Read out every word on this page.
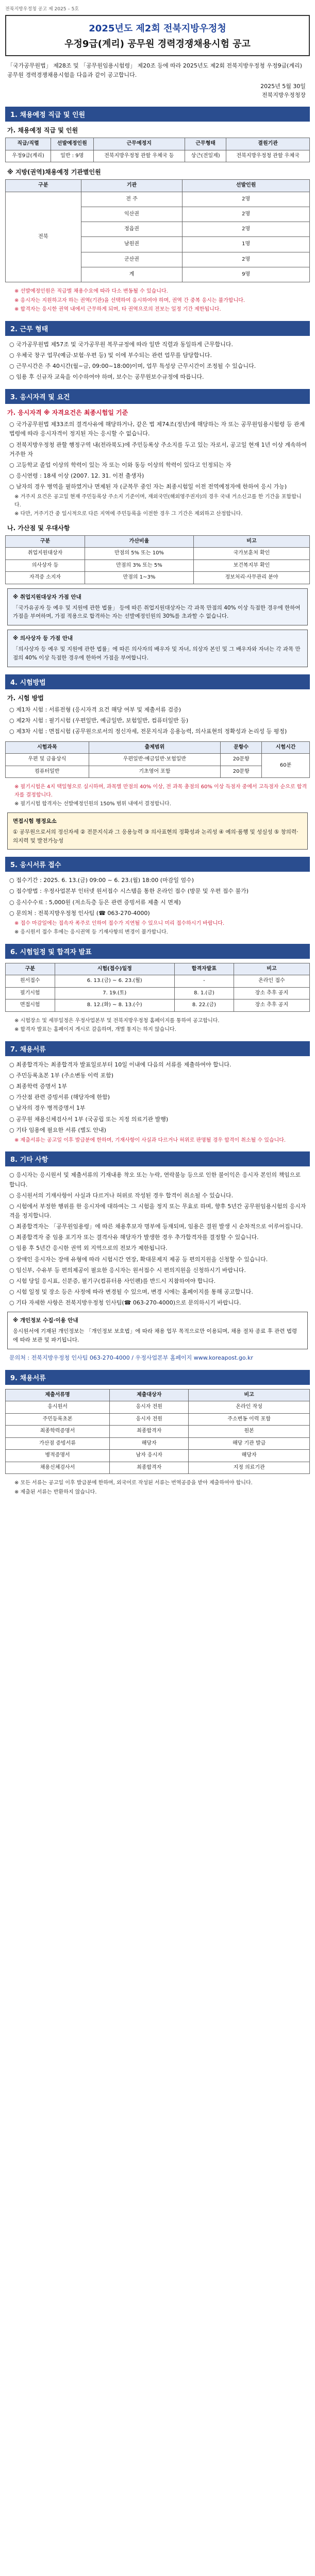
전북지방우정청 공고 제 2025 – 5호
2025년도 제2회 전북지방우정청
우정9급(계리) 공무원 경력경쟁채용시험 공고
「국가공무원법」 제28조 및 「공무원임용시험령」 제20조 등에 따라 2025년도 제2회 전북지방우정청 우정9급(계리) 공무원 경력경쟁채용시험을 다음과 같이 공고합니다.
2025년 5월 30일
전북지방우정청장
1. 채용예정 직급 및 인원
가. 채용예정 직급 및 인원
직급/직렬	선발예정인원	근무예정지	근무형태	결원기관
우정9급(계리)	일반 : 9명	전북지방우정청 관할 우체국 등	상근(전일제)	전북지방우정청 관할 우체국
※ 지방(권역)채용예정 기관별인원
구분	기관	선발인원
전북	전 주	2명
	익산권	2명
	정읍권	2명
	남원권	1명
	군산권	2명
	계	9명
※ 선발예정인원은 직급별 채용수요에 따라 다소 변동될 수 있습니다.
※ 응시자는 지원하고자 하는 권역(기관)을 선택하여 응시하여야 하며, 권역 간 중복 응시는 불가합니다.
※ 합격자는 응시한 권역 내에서 근무하게 되며, 타 권역으로의 전보는 일정 기간 제한됩니다.
2. 근무 형태
○ 국가공무원법 제57조 및 국가공무원 복무규정에 따라 일반 직렬과 동일하게 근무합니다.
○ 우체국 창구 업무(예금·보험·우편 등) 및 이에 부수되는 관련 업무를 담당합니다.
○ 근무시간은 주 40시간(월~금, 09:00~18:00)이며, 업무 특성상 근무시간이 조정될 수 있습니다.
○ 임용 후 신규자 교육을 이수하여야 하며, 보수는 공무원보수규정에 따릅니다.
3. 응시자격 및 요건
가. 응시자격 ※ 자격요건은 최종시험일 기준
○ 국가공무원법 제33조의 결격사유에 해당하거나, 같은 법 제74조(정년)에 해당하는 자 또는 공무원임용시험령 등 관계법령에 따라 응시자격이 정지된 자는 응시할 수 없습니다.
○ 전북지방우정청 관할 행정구역 내(전라북도)에 주민등록상 주소지를 두고 있는 자로서, 공고일 현재 1년 이상 계속하여 거주한 자
○ 고등학교 졸업 이상의 학력이 있는 자 또는 이와 동등 이상의 학력이 있다고 인정되는 자
○ 응시연령 : 18세 이상 (2007. 12. 31. 이전 출생자)
○ 남자의 경우 병역을 필하였거나 면제된 자 (군복무 중인 자는 최종시험일 이전 전역예정자에 한하여 응시 가능)
※ 거주지 요건은 공고일 현재 주민등록상 주소지 기준이며, 재외국민(해외영주권자)의 경우 국내 거소신고를 한 기간을 포함합니다.
※ 다만, 거주기간 중 일시적으로 다른 지역에 주민등록을 이전한 경우 그 기간은 제외하고 산정합니다.
나. 가산점 및 우대사항
구분	가산비율	비고
취업지원대상자	만점의 5% 또는 10%	국가보훈처 확인
의사상자 등	만점의 3% 또는 5%	보건복지부 확인
자격증 소지자	만점의 1~3%	정보처리·사무관리 분야
※ 취업지원대상자 가점 안내
「국가유공자 등 예우 및 지원에 관한 법률」 등에 따른 취업지원대상자는 각 과목 만점의 40% 이상 득점한 경우에 한하여 가점을 부여하며, 가점 적용으로 합격하는 자는 선발예정인원의 30%를 초과할 수 없습니다.
※ 의사상자 등 가점 안내
「의사상자 등 예우 및 지원에 관한 법률」에 따른 의사자의 배우자 및 자녀, 의상자 본인 및 그 배우자와 자녀는 각 과목 만점의 40% 이상 득점한 경우에 한하여 가점을 부여합니다.
4. 시험방법
가. 시험 방법
○ 제1차 시험 : 서류전형 (응시자격 요건 해당 여부 및 제출서류 검증)
○ 제2차 시험 : 필기시험 (우편일반, 예금일반, 보험일반, 컴퓨터일반 등)
○ 제3차 시험 : 면접시험 (공무원으로서의 정신자세, 전문지식과 응용능력, 의사표현의 정확성과 논리성 등 평정)
시험과목	출제범위	문항수	시험시간
우편 및 금융상식	우편일반·예금일반·보험일반	20문항	60분
컴퓨터일반	기초영어 포함	20문항	
※ 필기시험은 4지 택일형으로 실시하며, 과목별 만점의 40% 이상, 전 과목 총점의 60% 이상 득점자 중에서 고득점자 순으로 합격자를 결정합니다.
※ 필기시험 합격자는 선발예정인원의 150% 범위 내에서 결정합니다.
면접시험 평정요소
① 공무원으로서의 정신자세 ② 전문지식과 그 응용능력 ③ 의사표현의 정확성과 논리성 ④ 예의·품행 및 성실성 ⑤ 창의력·의지력 및 발전가능성
5. 응시서류 접수
○ 접수기간 : 2025. 6. 13.(금) 09:00 ~ 6. 23.(월) 18:00 (마감일 엄수)
○ 접수방법 : 우정사업본부 인터넷 원서접수 시스템을 통한 온라인 접수 (방문 및 우편 접수 불가)
○ 응시수수료 : 5,000원 (저소득층 등은 관련 증빙서류 제출 시 면제)
○ 문의처 : 전북지방우정청 인사팀 (☎ 063-270-4000)
※ 접수 마감일에는 접속자 폭주로 인하여 접수가 지연될 수 있으니 미리 접수하시기 바랍니다.
※ 응시원서 접수 후에는 응시권역 등 기재사항의 변경이 불가합니다.
6. 시험일정 및 합격자 발표
구분	시험(접수)일정	합격자발표	비고
원서접수	6. 13.(금) ~ 6. 23.(월)	-	온라인 접수
필기시험	7. 19.(토)	8. 1.(금)	장소 추후 공지
면접시험	8. 12.(화) ~ 8. 13.(수)	8. 22.(금)	장소 추후 공지
※ 시험장소 및 세부일정은 우정사업본부 및 전북지방우정청 홈페이지를 통하여 공고합니다.
※ 합격자 발표는 홈페이지 게시로 갈음하며, 개별 통지는 하지 않습니다.
7. 채용서류
○ 최종합격자는 최종합격자 발표일로부터 10일 이내에 다음의 서류를 제출하여야 합니다.
○ 주민등록초본 1부 (주소변동 이력 포함)
○ 최종학력 증명서 1부
○ 가산점 관련 증빙서류 (해당자에 한함)
○ 남자의 경우 병적증명서 1부
○ 공무원 채용신체검사서 1부 (국공립 또는 지정 의료기관 발행)
○ 기타 임용에 필요한 서류 (별도 안내)
※ 제출서류는 공고일 이후 발급분에 한하며, 기재사항이 사실과 다르거나 허위로 판명될 경우 합격이 취소될 수 있습니다.
8. 기타 사항
○ 응시자는 응시원서 및 제출서류의 기재내용 착오 또는 누락, 연락불능 등으로 인한 불이익은 응시자 본인의 책임으로 합니다.
○ 응시원서의 기재사항이 사실과 다르거나 허위로 작성된 경우 합격이 취소될 수 있습니다.
○ 시험에서 부정한 행위를 한 응시자에 대하여는 그 시험을 정지 또는 무효로 하며, 향후 5년간 공무원임용시험의 응시자격을 정지합니다.
○ 최종합격자는 「공무원임용령」에 따른 채용후보자 명부에 등재되며, 임용은 결원 발생 시 순차적으로 이루어집니다.
○ 최종합격자 중 임용 포기자 또는 결격사유 해당자가 발생한 경우 추가합격자를 결정할 수 있습니다.
○ 임용 후 5년간 응시한 권역 외 지역으로의 전보가 제한됩니다.
○ 장애인 응시자는 장애 유형에 따라 시험시간 연장, 확대문제지 제공 등 편의지원을 신청할 수 있습니다.
○ 임신부, 수유부 등 편의제공이 필요한 응시자는 원서접수 시 편의지원을 신청하시기 바랍니다.
○ 시험 당일 응시표, 신분증, 필기구(컴퓨터용 사인펜)를 반드시 지참하여야 합니다.
○ 시험 일정 및 장소 등은 사정에 따라 변경될 수 있으며, 변경 시에는 홈페이지를 통해 공고합니다.
○ 기타 자세한 사항은 전북지방우정청 인사팀(☎ 063-270-4000)으로 문의하시기 바랍니다.
※ 개인정보 수집·이용 안내
응시원서에 기재된 개인정보는 「개인정보 보호법」에 따라 채용 업무 목적으로만 이용되며, 채용 절차 종료 후 관련 법령에 따라 보관 및 파기됩니다.
문의처 : 전북지방우정청 인사팀 063-270-4000 / 우정사업본부 홈페이지 www.koreapost.go.kr
9. 채용서류
제출서류명	제출대상자	비고
응시원서	응시자 전원	온라인 작성
주민등록초본	응시자 전원	주소변동 이력 포함
최종학력증명서	최종합격자	원본
가산점 증빙서류	해당자	해당 기관 발급
병적증명서	남자 응시자	해당자
채용신체검사서	최종합격자	지정 의료기관
※ 모든 서류는 공고일 이후 발급분에 한하며, 외국어로 작성된 서류는 번역공증을 받아 제출하여야 합니다.
※ 제출된 서류는 반환하지 않습니다.
